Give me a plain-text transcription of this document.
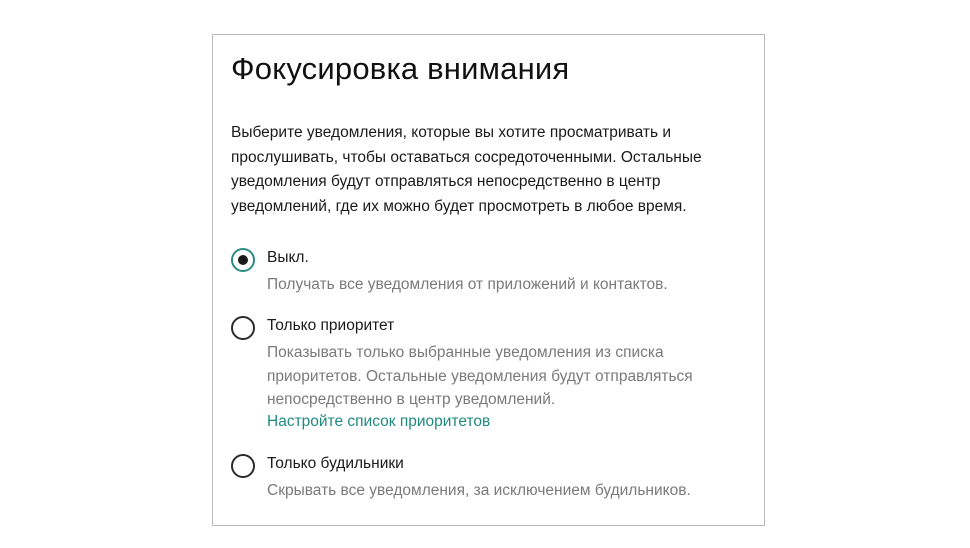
Фокусировка внимания

Выберите уведомления, которые вы хотите просматривать и прослушивать, чтобы оставаться сосредоточенными. Остальные уведомления будут отправляться непосредственно в центр уведомлений, где их можно будет просмотреть в любое время.

Выкл.
Получать все уведомления от приложений и контактов.
Только приоритет
Показывать только выбранные уведомления из списка приоритетов. Остальные уведомления будут отправляться непосредственно в центр уведомлений.
Настройте список приоритетов
Только будильники
Скрывать все уведомления, за исключением будильников.
